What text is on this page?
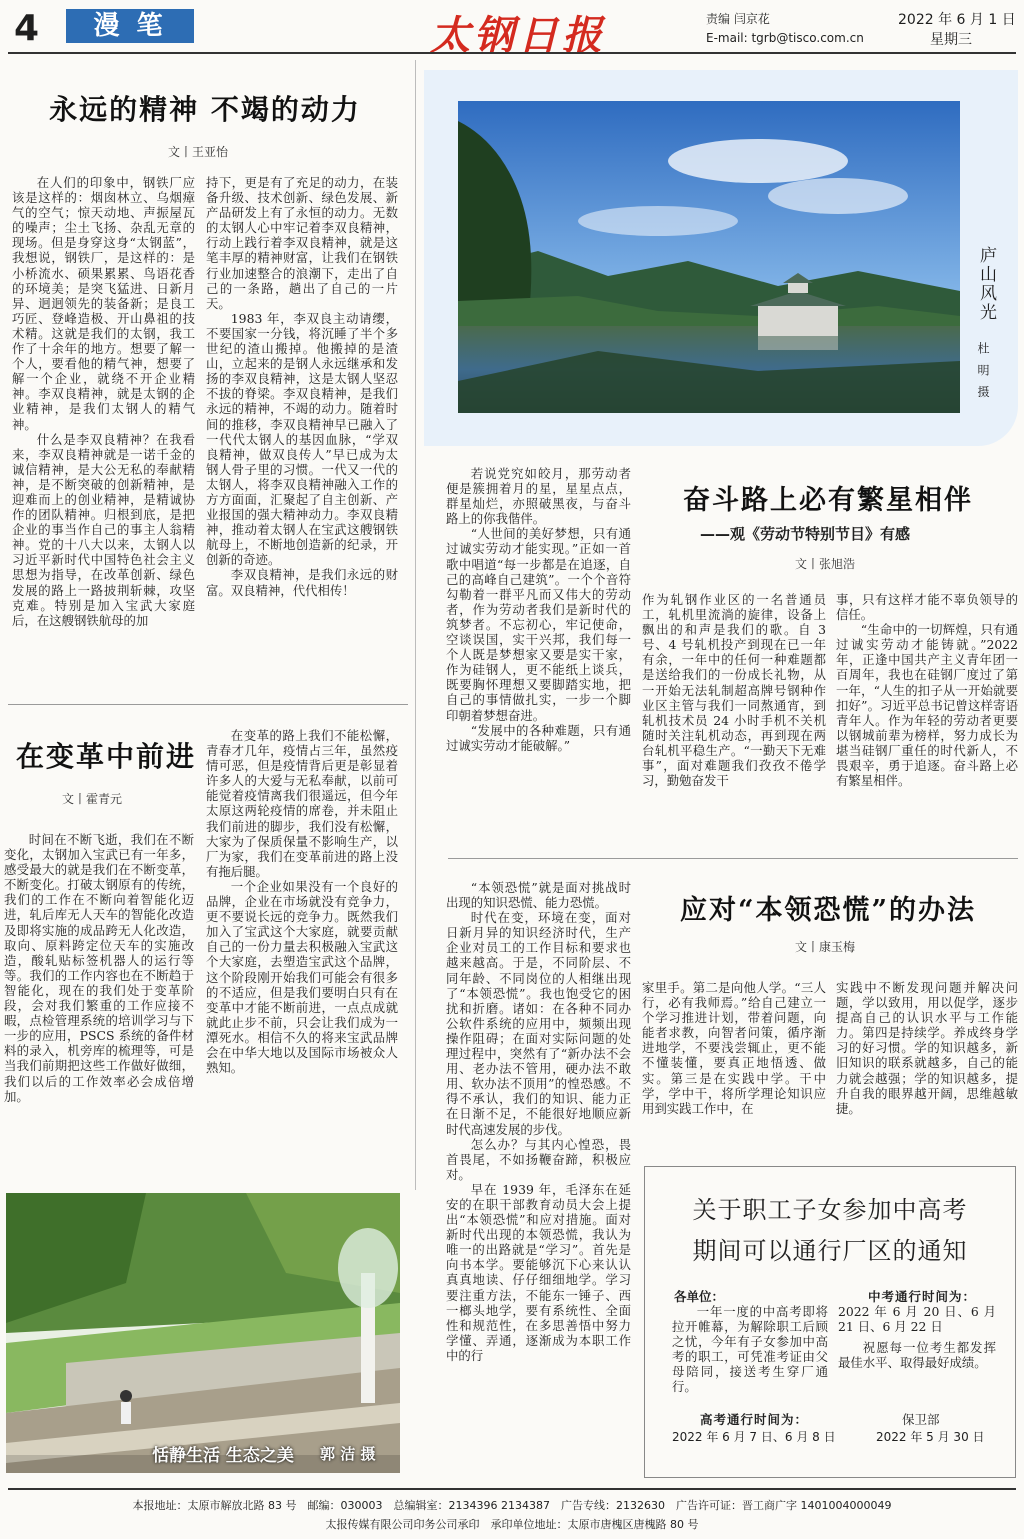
4	漫 笔	太钢日报	责编 闫京花
E-mail: tgrb@tisco.com.cn
2022 年 6 月 1 日
星期三
永远的精神 不竭的动力
文丨王亚怡

在人们的印象中，钢铁厂应该是这样的：烟囱林立、乌烟瘴气的空气；惊天动地、声振屋瓦的噪声；尘土飞扬、杂乱无章的现场。但是身穿这身“太钢蓝”，我想说，钢铁厂，是这样的：是小桥流水、硕果累累、鸟语花香的环境美；是突飞猛进、日新月异、迥迥领先的装备新；是良工巧匠、登峰造极、开山鼻祖的技术精。这就是我们的太钢，我工作了十余年的地方。想要了解一个人，要看他的精气神，想要了解一个企业，就绕不开企业精神。李双良精神，就是太钢的企业精神，是我们太钢人的精气神。

什么是李双良精神？在我看来，李双良精神就是一诺千金的诚信精神，是大公无私的奉献精神，是不断突破的创新精神，是迎难而上的创业精神，是精诚协作的团队精神。归根到底，是把企业的事当作自己的事主人翁精神。党的十八大以来，太钢人以习近平新时代中国特色社会主义思想为指导，在改革创新、绿色发展的路上一路披荆斩棘，攻坚克难。特别是加入宝武大家庭后，在这艘钢铁航母的加

持下，更是有了充足的动力，在装备升级、技术创新、绿色发展、新产品研发上有了永恒的动力。无数的太钢人心中牢记着李双良精神，行动上践行着李双良精神，就是这笔丰厚的精神财富，让我们在钢铁行业加速整合的浪潮下，走出了自己的一条路，趟出了自己的一片天。

1983 年，李双良主动请缨，不要国家一分钱，将沉睡了半个多世纪的渣山搬掉。他搬掉的是渣山，立起来的是钢人永远继承和发扬的李双良精神，这是太钢人坚忍不拔的脊梁。李双良精神，是我们永远的精神，不竭的动力。随着时间的推移，李双良精神早已融入了一代代太钢人的基因血脉，“学双良精神，做双良传人”早已成为太钢人骨子里的习惯。一代又一代的太钢人，将李双良精神融入工作的方方面面，汇聚起了自主创新、产业报国的强大精神动力。李双良精神，推动着太钢人在宝武这艘钢铁航母上，不断地创造新的纪录，开创新的奇迹。

李双良精神，是我们永远的财富。双良精神，代代相传！

庐山风光
杜 明 摄
在变革中前进
文丨霍青元

时间在不断飞逝，我们在不断变化，太钢加入宝武已有一年多，感受最大的就是我们在不断变革，不断变化。打破太钢原有的传统，我们的工作在不断向着智能化迈进，轧后库无人天车的智能化改造及即将实施的成品跨无人化改造，取向、原料跨定位天车的实施改造，酸轧贴标签机器人的运行等等。我们的工作内容也在不断趋于智能化，现在的我们处于变革阶段，会对我们繁重的工作应接不暇，点检管理系统的培训学习与下一步的应用，PSCS 系统的备件材料的录入，机旁库的梳理等，可是当我们前期把这些工作做好做细，我们以后的工作效率必会成倍增加。

在变革的路上我们不能松懈，青春才几年，疫情占三年，虽然疫情可恶，但是疫情背后更是彰显着许多人的大爱与无私奉献，以前可能觉着疫情离我们很遥远，但今年太原这两轮疫情的席卷，并未阻止我们前进的脚步，我们没有松懈，大家为了保质保量不影响生产，以厂为家，我们在变革前进的路上没有拖后腿。

一个企业如果没有一个良好的品牌，企业在市场就没有竞争力，更不要说长远的竞争力。既然我们加入了宝武这个大家庭，就要贡献自己的一份力量去积极融入宝武这个大家庭，去塑造宝武这个品牌，这个阶段刚开始我们可能会有很多的不适应，但是我们要明白只有在变革中才能不断前进，一点点成就就此止步不前，只会让我们成为一潭死水。相信不久的将来宝武品牌会在中华大地以及国际市场被众人熟知。

恬静生活 生态之美 郭 洁 摄

若说党究如皎月，那劳动者便是簇拥着月的星，星星点点，群星灿烂，亦照破黑夜，与奋斗路上的你我偕伴。

“人世间的美好梦想，只有通过诚实劳动才能实现。”正如一首歌中唱道“每一步都是在追逐，自己的高峰自己建筑”。一个个音符勾勒着一群平凡而又伟大的劳动者，作为劳动者我们是新时代的筑梦者。不忘初心，牢记使命，空谈误国，实干兴邦，我们每一个人既是梦想家又要是实干家，作为硅钢人，更不能纸上谈兵，既要胸怀理想又要脚踏实地，把自己的事情做扎实，一步一个脚印朝着梦想奋进。

“发展中的各种难题，只有通过诚实劳动才能破解。”

奋斗路上必有繁星相伴
——观《劳动节特别节目》有感
文丨张旭浩

作为轧钢作业区的一名普通员工，轧机里流淌的旋律，设备上飘出的和声是我们的歌。自 3 号、4 号轧机投产到现在已一年有余，一年中的任何一种难题都是送给我们的一份成长礼物，从一开始无法轧制超高牌号钢种作业区主管与我们一同熬通宵，到轧机技术员 24 小时手机不关机随时关注轧机动态，再到现在两台轧机平稳生产。“一勤天下无难事”，面对难题我们孜孜不倦学习，勤勉奋发干

事，只有这样才能不辜负领导的信任。

“生命中的一切辉煌，只有通过诚实劳动才能铸就。”2022 年，正逢中国共产主义青年团一百周年，我也在硅钢厂度过了第一年，“人生的扣子从一开始就要扣好”。习近平总书记曾这样寄语青年人。作为年轻的劳动者更要以钢城前辈为榜样，努力成长为堪当硅钢厂重任的时代新人，不畏艰辛，勇于追逐。奋斗路上必有繁星相伴。

“本领恐慌”就是面对挑战时出现的知识恐慌、能力恐慌。

时代在变，环境在变，面对日新月异的知识经济时代，生产企业对员工的工作目标和要求也越来越高。于是，不同阶层、不同年龄、不同岗位的人相继出现了“本领恐慌”。我也饱受它的困扰和折磨。诸如：在各种不同办公软件系统的应用中，频频出现操作阻碍；在面对实际问题的处理过程中，突然有了“新办法不会用、老办法不管用，硬办法不敢用、软办法不顶用”的惶恐感。不得不承认，我们的知识、能力正在日渐不足，不能很好地顺应新时代高速发展的步伐。

怎么办？与其内心惶恐，畏首畏尾，不如扬鞭奋蹄，积极应对。

早在 1939 年，毛泽东在延安的在职干部教育动员大会上提出“本领恐慌”和应对措施。面对新时代出现的本领恐慌，我认为唯一的出路就是“学习”。首先是向书本学。要能够沉下心来认认真真地读、仔仔细细地学。学习要注重方法，不能东一锤子、西一榔头地学，要有系统性、全面性和规范性，在多思善悟中努力学懂、弄通，逐渐成为本职工作中的行

应对“本领恐慌”的办法
文丨康玉梅

家里手。第二是向他人学。“三人行，必有我师焉。”给自己建立一个学习推进计划，带着问题，向能者求教，向智者问策，循序渐进地学，不要浅尝辄止，更不能不懂装懂，要真正地悟透、做实。第三是在实践中学。干中学，学中干，将所学理论知识应用到实践工作中，在

实践中不断发现问题并解决问题，学以致用，用以促学，逐步提高自己的认识水平与工作能力。第四是持续学。养成终身学习的好习惯。学的知识越多，新旧知识的联系就越多，自己的能力就会越强；学的知识越多，提升自我的眼界越开阔，思维越敏捷。

关于职工子女参加中高考
期间可以通行厂区的通知
各单位：

一年一度的中高考即将拉开帷幕，为解除职工后顾之忧，今年有子女参加中高考的职工，可凭准考证由父母陪同，接送考生穿厂通行。

高考通行时间为：
2022 年 6 月 7 日、6 月 8 日
中考通行时间为：
2022 年 6 月 20 日、6 月 21 日、6 月 22 日

祝愿每一位考生都发挥最佳水平、取得最好成绩。

保卫部
2022 年 5 月 30 日
本报地址：太原市解放北路 83 号　邮编：030003　总编辑室：2134396 2134387　广告专线：2132630　广告许可证：晋工商广字 1401004000049
太报传媒有限公司印务公司承印　承印单位地址：太原市唐槐区唐槐路 80 号
